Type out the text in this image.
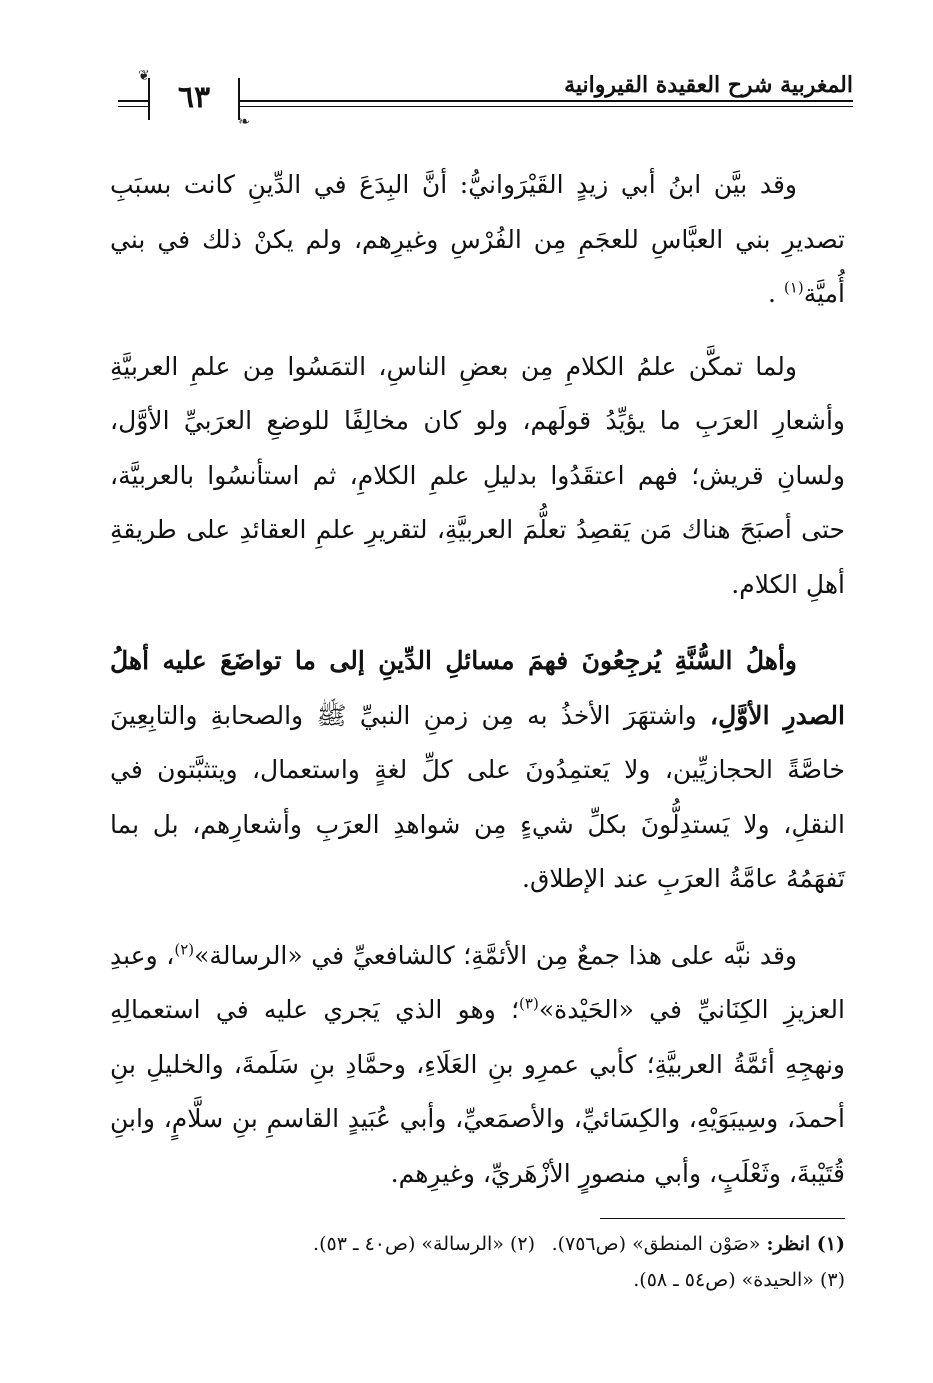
المغربية شرح العقيدة القيروانية
❦
٦٣
❧

وقد بيَّن ابنُ أبي زيدٍ القَيْرَوانيُّ: أنَّ البِدَعَ في الدِّينِ كانت بسبَبِ تصديرِ بني العبَّاسِ للعجَمِ مِن الفُرْسِ وغيرِهم، ولم يكنْ ذلك في بني أُميَّة$^{(١)}$ .

ولما تمكَّن علمُ الكلامِ مِن بعضِ الناسِ، التمَسُوا مِن علمِ العربيَّةِ وأشعارِ العرَبِ ما يؤيِّدُ قولَهم، ولو كان مخالِفًا للوضعِ العرَبيِّ الأوَّل، ولسانِ قريش؛ فهم اعتقَدُوا بدليلِ علمِ الكلامِ، ثم استأنسُوا بالعربيَّة، حتى أصبَحَ هناك مَن يَقصِدُ تعلُّمَ العربيَّةِ، لتقريرِ علمِ العقائدِ على طريقةِ أهلِ الكلام.

وأهلُ السُّنَّةِ يُرجِعُونَ فهمَ مسائلِ الدِّينِ إلى ما تواضَعَ عليه أهلُ الصدرِ الأوَّلِ، واشتهَرَ الأخذُ به مِن زمنِ النبيِّ ﷺ والصحابةِ والتابِعِينَ خاصَّةً الحجازيِّين، ولا يَعتمِدُونَ على كلِّ لغةٍ واستعمال، ويتثبَّتون في النقلِ، ولا يَستدِلُّونَ بكلِّ شيءٍ مِن شواهدِ العرَبِ وأشعارِهم، بل بما تَفهَمُهُ عامَّةُ العرَبِ عند الإطلاق.

وقد نبَّه على هذا جمعٌ مِن الأئمَّةِ؛ كالشافعيِّ في «الرسالة»$^{(٢)}$، وعبدِ العزيزِ الكِنَانيِّ في «الحَيْدة»$^{(٣)}$؛ وهو الذي يَجري عليه في استعمالِهِ ونهجِهِ أئمَّةُ العربيَّةِ؛ كأبي عمرِو بنِ العَلَاءِ، وحمَّادِ بنِ سَلَمةَ، والخليلِ بنِ أحمدَ، وسِيبَوَيْهِ، والكِسَائيِّ، والأصمَعيِّ، وأبي عُبَيدٍ القاسمِ بنِ سلَّامٍ، وابنِ قُتَيْبةَ، وثَعْلَبٍ، وأبي منصورٍ الأزْهَريِّ، وغيرِهم.

(١) انظر: «صَوْن المنطق» (ص٧٥٦).
(٢) «الرسالة» (ص٤٠ ـ ٥٣).
(٣) «الحيدة» (ص٥٤ ـ ٥٨).
